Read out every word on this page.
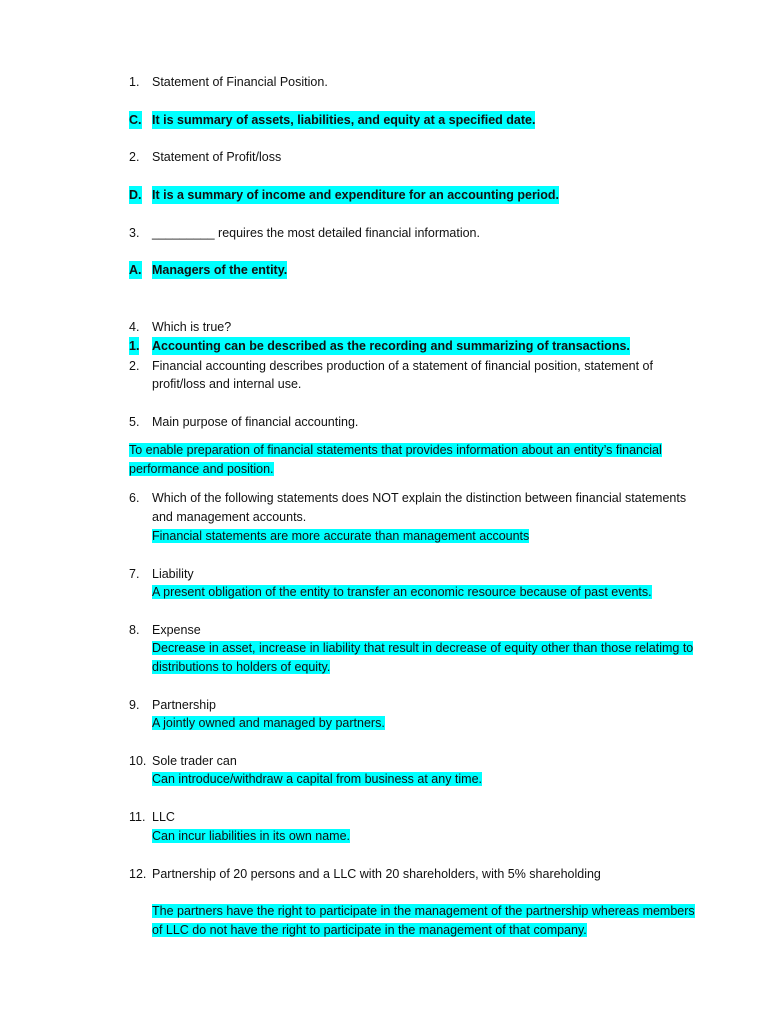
1. Statement of Financial Position.
C. It is summary of assets, liabilities, and equity at a specified date.
2. Statement of Profit/loss
D. It is a summary of income and expenditure for an accounting period.
3. _________ requires the most detailed financial information.
A. Managers of the entity.
4. Which is true?
1. Accounting can be described as the recording and summarizing of transactions.
2. Financial accounting describes production of a statement of financial position, statement of
profit/loss and internal use.
5. Main purpose of financial accounting.
To enable preparation of financial statements that provides information about an entity’s financial
performance and position.
6. Which of the following statements does NOT explain the distinction between financial statements
and management accounts.
Financial statements are more accurate than management accounts
7. Liability
A present obligation of the entity to transfer an economic resource because of past events.
8. Expense
Decrease in asset, increase in liability that result in decrease of equity other than those relatimg to
distributions to holders of equity.
9. Partnership
A jointly owned and managed by partners.
10. Sole trader can
Can introduce/withdraw a capital from business at any time.
11. LLC
Can incur liabilities in its own name.
12. Partnership of 20 persons and a LLC with 20 shareholders, with 5% shareholding
The partners have the right to participate in the management of the partnership whereas members
of LLC do not have the right to participate in the management of that company.
